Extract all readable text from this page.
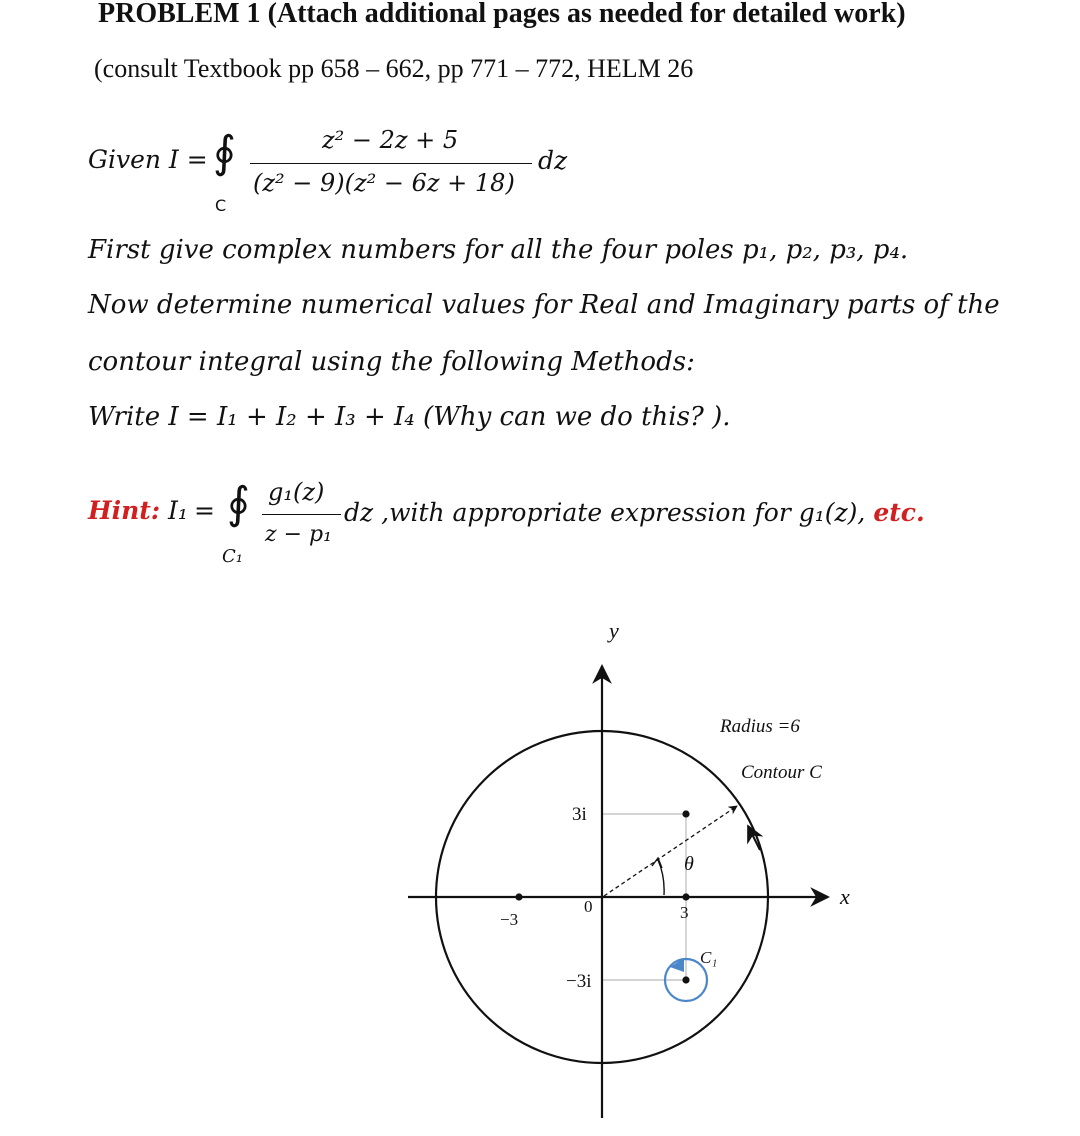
PROBLEM 1 (Attach additional pages as needed for detailed work)
(consult Textbook pp 658 – 662, pp 771 – 772, HELM 26
Given I = ∮
C
z² − 2z + 5
(z² − 9)(z² − 6z + 18)
dz
First give complex numbers for all the four poles p₁, p₂, p₃, p₄.
Now determine numerical values for Real and Imaginary parts of the
contour integral using the following Methods:
Write I = I₁ + I₂ + I₃ + I₄ (Why can we do this? ).
Hint: I₁ = ∮
C₁
g₁(z)
z − p₁
dz ,with appropriate expression for g₁(z), etc.
y
x
Radius =6
Contour C
3i
−3i
−3
0	3
θ
C₁
